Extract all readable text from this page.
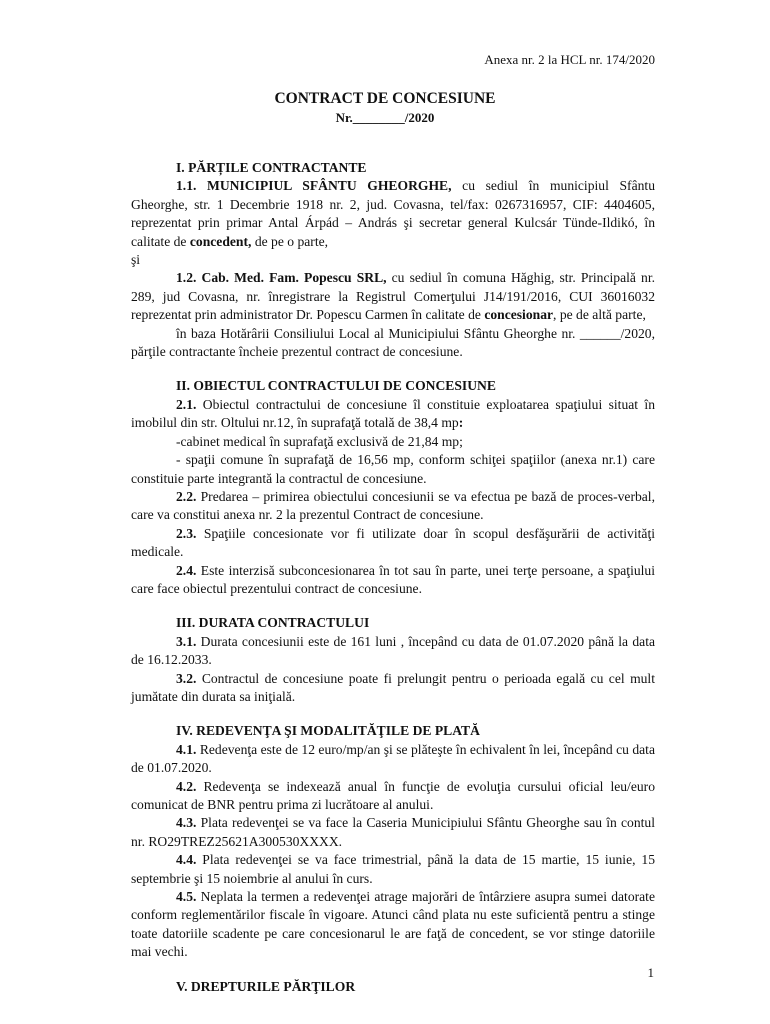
Anexa nr. 2 la HCL nr. 174/2020
CONTRACT DE CONCESIUNE
Nr.________/2020
I. PĂRȚILE CONTRACTANTE

1.1. MUNICIPIUL SFÂNTU GHEORGHE, cu sediul în municipiul Sfântu Gheorghe, str. 1 Decembrie 1918 nr. 2, jud. Covasna, tel/fax: 0267316957, CIF: 4404605, reprezentat prin primar Antal Árpád – András şi secretar general Kulcsár Tünde-Ildikó, în calitate de concedent, de pe o parte,

şi

1.2. Cab. Med. Fam. Popescu SRL, cu sediul în comuna Hăghig, str. Principală nr. 289, jud Covasna, nr. înregistrare la Registrul Comerţului J14/191/2016, CUI 36016032 reprezentat prin administrator Dr. Popescu Carmen în calitate de concesionar, pe de altă parte,

în baza Hotărârii Consiliului Local al Municipiului Sfântu Gheorghe nr. ______/2020, părţile contractante încheie prezentul contract de concesiune.

II. OBIECTUL CONTRACTULUI DE CONCESIUNE

2.1. Obiectul contractului de concesiune îl constituie exploatarea spaţiului situat în imobilul din str. Oltului nr.12, în suprafaţă totală de 38,4 mp:

-cabinet medical în suprafaţă exclusivă de 21,84 mp;

- spaţii comune în suprafaţă de 16,56 mp, conform schiţei spaţiilor (anexa nr.1) care constituie parte integrantă la contractul de concesiune.

2.2. Predarea – primirea obiectului concesiunii se va efectua pe bază de proces-verbal, care va constitui anexa nr. 2 la prezentul Contract de concesiune.

2.3. Spaţiile concesionate vor fi utilizate doar în scopul desfăşurării de activităţi medicale.

2.4. Este interzisă subconcesionarea în tot sau în parte, unei terţe persoane, a spaţiului care face obiectul prezentului contract de concesiune.

III. DURATA CONTRACTULUI

3.1. Durata concesiunii este de 161 luni , începând cu data de 01.07.2020 până la data de 16.12.2033.

3.2. Contractul de concesiune poate fi prelungit pentru o perioada egală cu cel mult jumătate din durata sa iniţială.

IV. REDEVENŢA ŞI MODALITĂŢILE DE PLATĂ

4.1. Redevenţa este de 12 euro/mp/an şi se plăteşte în echivalent în lei, începând cu data de 01.07.2020.

4.2. Redevenţa se indexează anual în funcţie de evoluţia cursului oficial leu/euro comunicat de BNR pentru prima zi lucrătoare al anului.

4.3. Plata redevenţei se va face la Caseria Municipiului Sfântu Gheorghe sau în contul nr. RO29TREZ25621A300530XXXX.

4.4. Plata redevenţei se va face trimestrial, până la data de 15 martie, 15 iunie, 15 septembrie şi 15 noiembrie al anului în curs.

4.5. Neplata la termen a redevenţei atrage majorări de întârziere asupra sumei datorate conform reglementărilor fiscale în vigoare. Atunci când plata nu este suficientă pentru a stinge toate datoriile scadente pe care concesionarul le are faţă de concedent, se vor stinge datoriile mai vechi.

V. DREPTURILE PĂRŢILOR
1
